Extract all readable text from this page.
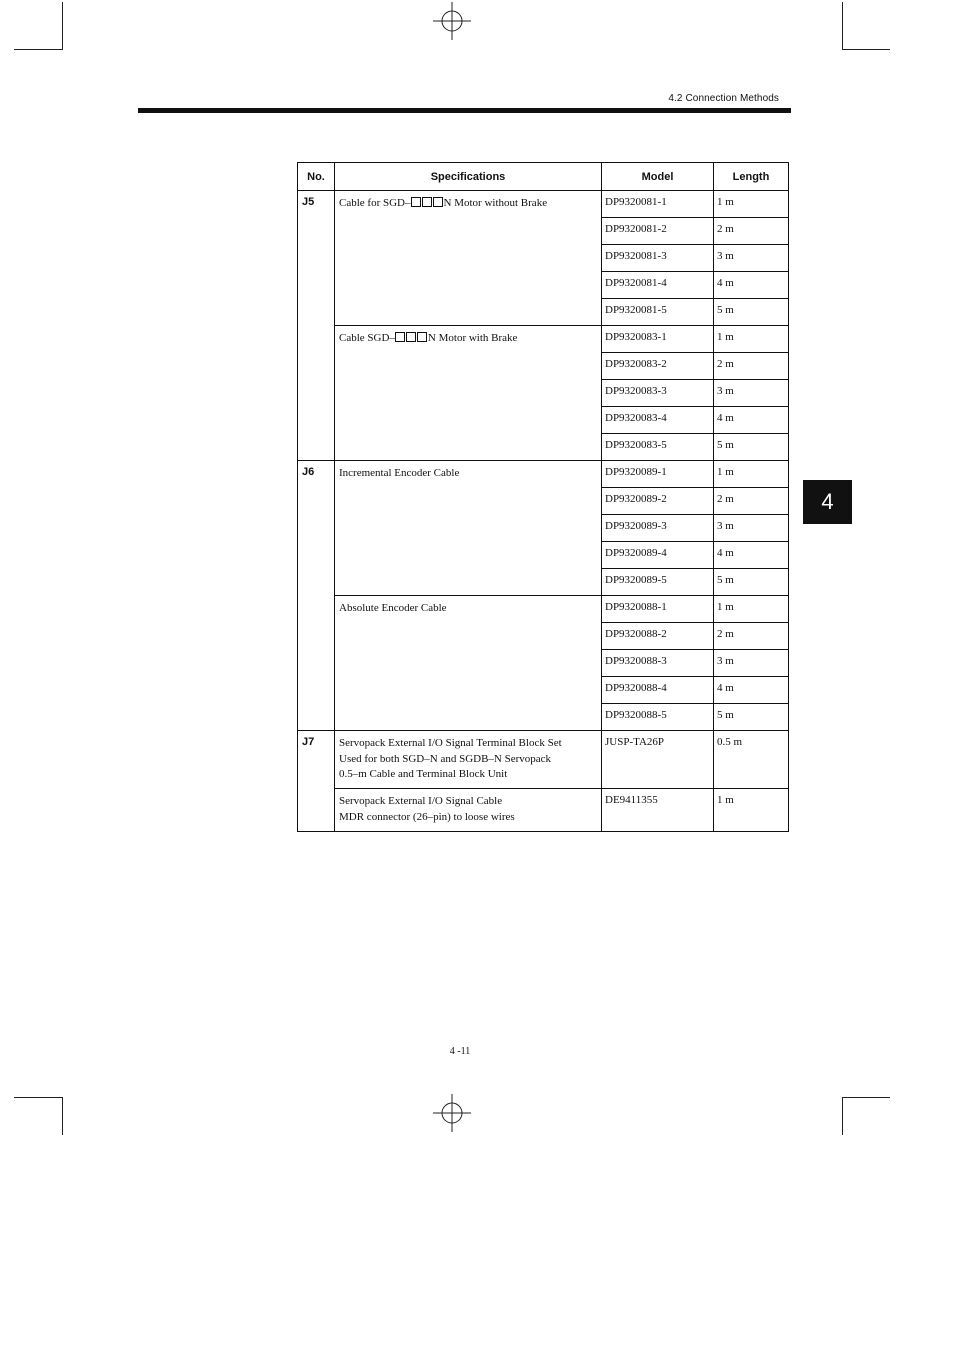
4.2 Connection Methods
4
No.	Specifications	Model	Length
J5	Cable for SGD– N Motor without Brake	DP9320081-1	1 m
		DP9320081-2	2 m
		DP9320081-3	3 m
		DP9320081-4	4 m
		DP9320081-5	5 m
	Cable SGD– N Motor with Brake	DP9320083-1	1 m
		DP9320083-2	2 m
		DP9320083-3	3 m
		DP9320083-4	4 m
		DP9320083-5	5 m
J6	Incremental Encoder Cable	DP9320089-1	1 m
		DP9320089-2	2 m
		DP9320089-3	3 m
		DP9320089-4	4 m
		DP9320089-5	5 m
	Absolute Encoder Cable	DP9320088-1	1 m
		DP9320088-2	2 m
		DP9320088-3	3 m
		DP9320088-4	4 m
		DP9320088-5	5 m
J7	Servopack External I/O Signal Terminal Block Set
Used for both SGD–N and SGDB–N Servopack
0.5–m Cable and Terminal Block Unit	JUSP-TA26P	0.5 m

	Servopack External I/O Signal Cable
MDR connector (26–pin) to loose wires	DE9411355	1 m
4 -11
